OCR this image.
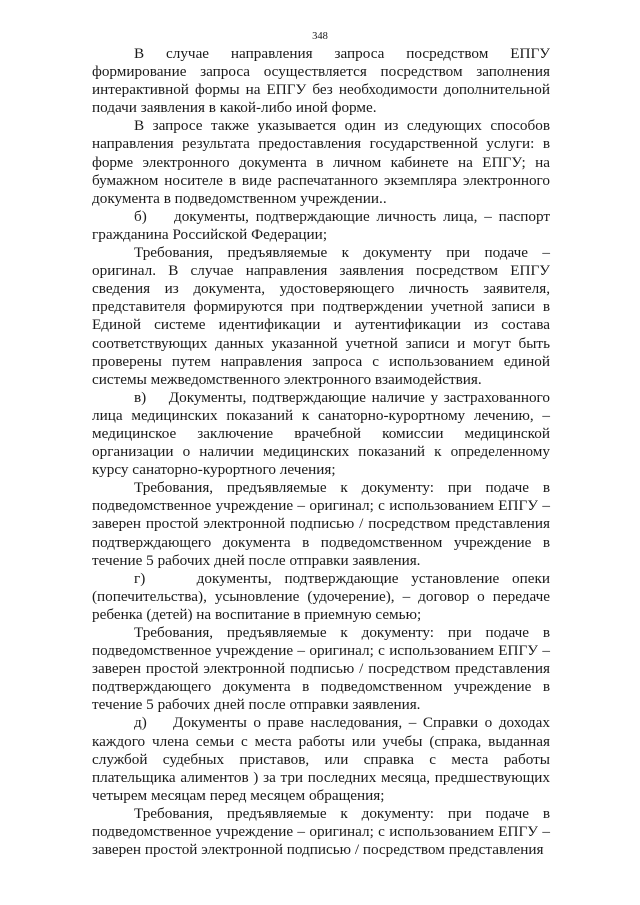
348

В случае направления запроса посредством ЕПГУ формирование запроса осуществляется посредством заполнения интерактивной формы на ЕПГУ без необходимости дополнительной подачи заявления в какой-либо иной форме.

В запросе также указывается один из следующих способов направления результата предоставления государственной услуги: в форме электронного документа в личном кабинете на ЕПГУ; на бумажном носителе в виде распечатанного экземпляра электронного документа в подведомственном учреждении..

б)    документы, подтверждающие личность лица, – паспорт гражданина Российской Федерации;

Требования, предъявляемые к документу при подаче – оригинал. В случае направления заявления посредством ЕПГУ сведения из документа, удостоверяющего личность заявителя, представителя формируются при подтверждении учетной записи в Единой системе идентификации и аутентификации из состава соответствующих данных указанной учетной записи и могут быть проверены путем направления запроса с использованием единой системы межведомственного электронного взаимодействия.

в)    Документы, подтверждающие наличие у застрахованного лица медицинских показаний к санаторно-курортному лечению, – медицинское заключение врачебной комиссии медицинской организации о наличии медицинских показаний к определенному курсу санаторно-курортного лечения;

Требования, предъявляемые к документу: при подаче в подведомственное учреждение – оригинал; с использованием ЕПГУ – заверен простой электронной подписью / посредством представления подтверждающего документа в подведомственном учреждение в течение 5 рабочих дней после отправки заявления.

г)    документы, подтверждающие установление опеки (попечительства), усыновление (удочерение), – договор о передаче ребенка (детей) на воспитание в приемную семью;

Требования, предъявляемые к документу: при подаче в подведомственное учреждение – оригинал; с использованием ЕПГУ – заверен простой электронной подписью / посредством представления подтверждающего документа в подведомственном учреждение в течение 5 рабочих дней после отправки заявления.

д)    Документы о праве наследования, – Справки о доходах каждого члена семьи с места работы или учебы (спрака, выданная службой судебных приставов, или справка с места работы плательщика алиментов ) за три последних месяца, предшествующих четырем месяцам перед месяцем обращения;

Требования, предъявляемые к документу: при подаче в подведомственное учреждение – оригинал; с использованием ЕПГУ – заверен простой электронной подписью / посредством представления
